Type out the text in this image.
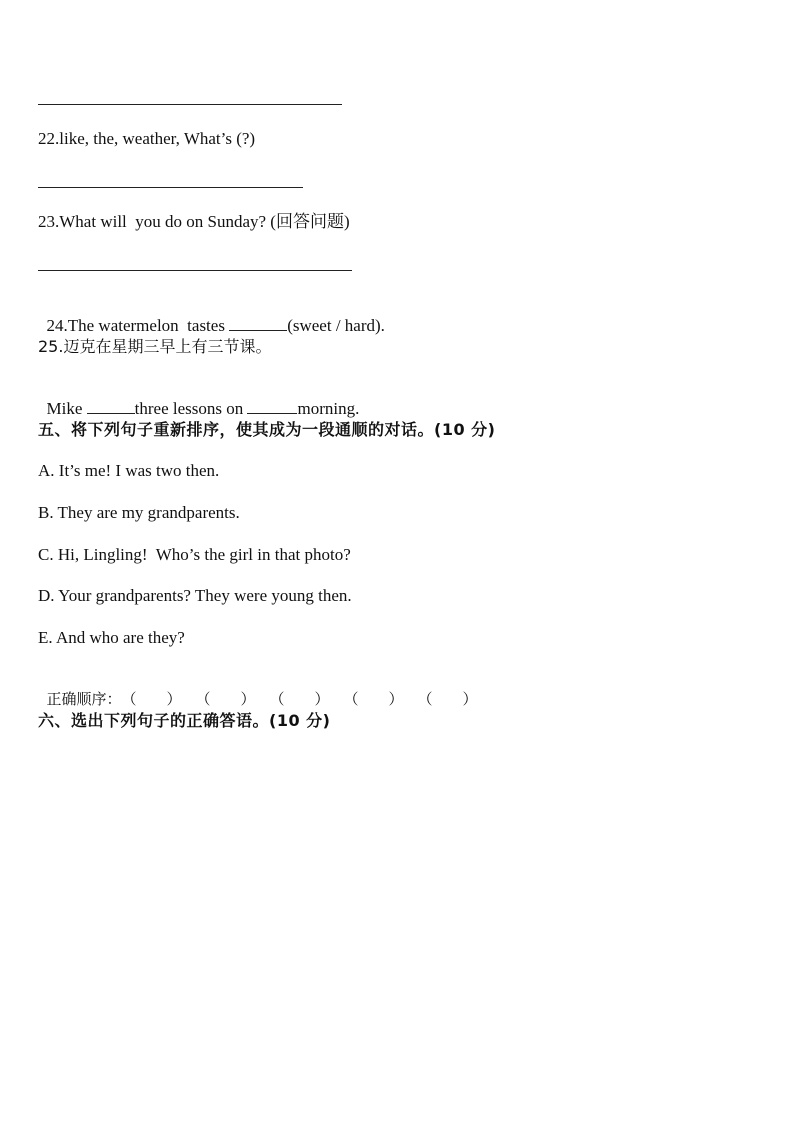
22.like, the, weather, What’s (?)
23.What will  you do on Sunday? (回答问题)

24.The watermelon  tastes	(sweet / hard).

25.迈克在星期三早上有三节课。

Mike	three lessons on	morning.

五、将下列句子重新排序，使其成为一段通顺的对话。(10 分)
A. It’s me! I was two then.
B. They are my grandparents.
C. Hi, Lingling!  Who’s the girl in that photo?
D. Your grandparents? They were young then.
E. And who are they?

正确顺序：（　　） （　　） （　　） （　　） （　　）

六、选出下列句子的正确答语。(10 分)
